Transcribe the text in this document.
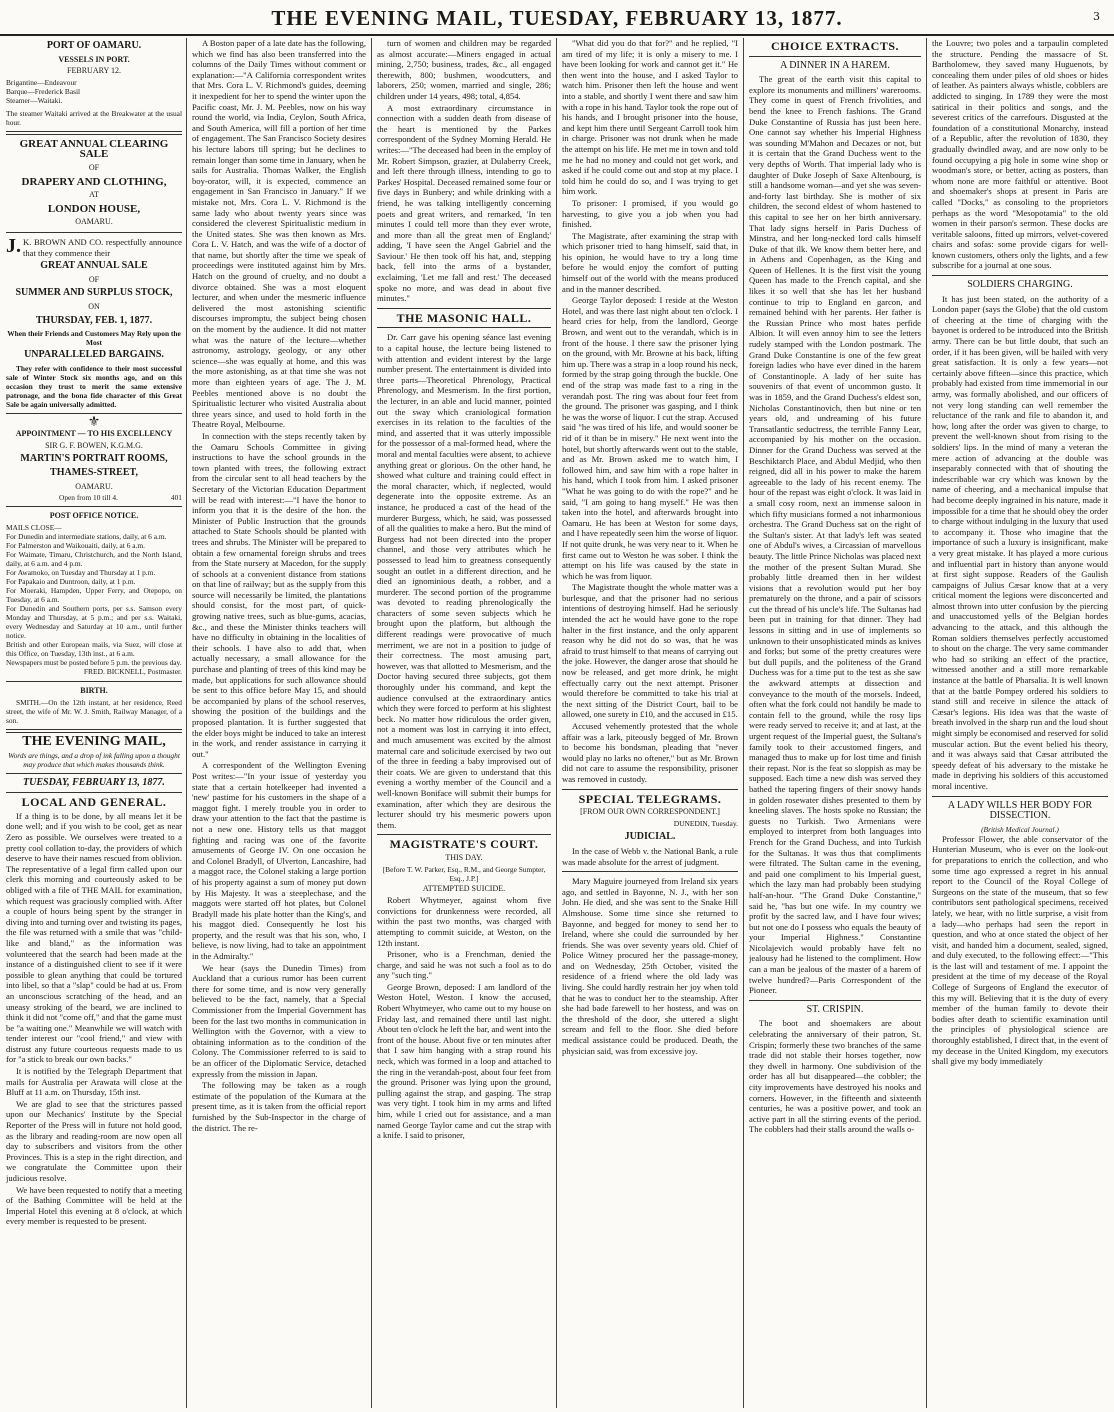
THE EVENING MAIL, TUESDAY, FEBRUARY 13, 1877.	3
PORT OF OAMARU.
VESSELS IN PORT.
FEBRUARY 12.
Brigantine—Endeavour
Barque—Frederick Basil
Steamer—Waitaki.
The steamer Waitaki arrived at the Breakwater at the usual hour.
GREAT ANNUAL CLEARING SALE
OF
DRAPERY AND CLOTHING,
AT
LONDON HOUSE,
OAMARU.

J. K. BROWN AND CO. respectfully announce that they commence their

GREAT ANNUAL SALE
OF
SUMMER AND SURPLUS STOCK,
ON
THURSDAY, FEB. 1, 1877.
When their Friends and Customers May Rely upon the Most
UNPARALLELED BARGAINS.

They refer with confidence to their most successful sale of Winter Stock six months ago, and on this occasion they trust to merit the same extensive patronage, and the bona fide character of this Great Sale be again universally admitted.

⚜
APPOINTMENT — TO HIS EXCELLENCY
SIR G. F. BOWEN, K.G.M.G.
MARTIN'S PORTRAIT ROOMS,
THAMES-STREET,
OAMARU.
Open from 10 till 4.	401
POST OFFICE NOTICE.
MAILS CLOSE—
For Dunedin and intermediate stations, daily, at 6 a.m.
For Palmerston and Waikouaiti, daily, at 6 a.m.
For Waimate, Timaru, Christchurch, and the North Island, daily, at 6 a.m. and 4 p.m.
For Awamoko, on Tuesday and Thursday at 1 p.m.
For Papakaio and Duntroon, daily, at 1 p.m.
For Moeraki, Hampden, Upper Ferry, and Otepopo, on Tuesday, at 6 a.m.
For Dunedin and Southern ports, per s.s. Samson every Monday and Thursday, at 5 p.m.; and per s.s. Waitaki, every Wednesday and Saturday at 10 a.m., until further notice.
British and other European mails, via Suez, will close at this Office, on Tuesday, 13th inst., at 6 a.m.
Newspapers must be posted before 5 p.m. the previous day.
FRED. BICKNELL, Postmaster.
BIRTH.

SMITH.—On the 12th instant, at her residence, Reed street, the wife of Mr. W. J. Smith, Railway Manager, of a son.

THE EVENING MAIL,
Words are things, and a drop of ink falling upon a thought may produce that which makes thousands think.
TUESDAY, FEBRUARY 13, 1877.
LOCAL AND GENERAL.

If a thing is to be done, by all means let it be done well; and if you wish to be cool, get as near Zero as possible. We ourselves were treated to a pretty cool collation to-day, the providers of which deserve to have their names rescued from oblivion. The representative of a legal firm called upon our clerk this morning and courteously asked to be obliged with a file of THE MAIL for examination, which request was graciously complied with. After a couple of hours being spent by the stranger in diving into and turning over and twisting its pages, the file was returned with a smile that was "child-like and bland," as the information was volunteered that the search had been made at the instance of a distinguished client to see if it were possible to glean anything that could be tortured into libel, so that a "slap" could be had at us. From an unconscious scratching of the head, and an uneasy stroking of the beard, we are inclined to think it did not "come off," and that the game must be "a waiting one." Meanwhile we will watch with tender interest our "cool friend," and view with distrust any future courteous requests made to us for "a stick to break our own backs."

It is notified by the Telegraph Department that mails for Australia per Arawata will close at the Bluff at 11 a.m. on Thursday, 15th inst.

We are glad to see that the strictures passed upon our Mechanics' Institute by the Special Reporter of the Press will in future not hold good, as the library and reading-room are now open all day to subscribers and visitors from the other Provinces. This is a step in the right direction, and we congratulate the Committee upon their judicious resolve.

We have been requested to notify that a meeting of the Bathing Committee will be held at the Imperial Hotel this evening at 8 o'clock, at which every member is requested to be present.

A Boston paper of a late date has the following, which we find has also been transferred into the columns of the Daily Times without comment or explanation:—"A California correspondent writes that Mrs. Cora L. V. Richmond's guides, deeming it inexpedient for her to spend the winter upon the Pacific coast, Mr. J. M. Peebles, now on his way round the world, via India, Ceylon, South Africa, and South America, will fill a portion of her time of engagement. The San Francisco Society desires his lecture labors till spring; but he declines to remain longer than some time in January, when he sails for Australia. Thomas Walker, the English boy-orator, will, it is expected, commence an engagement in San Francisco in January." If we mistake not, Mrs. Cora L. V. Richmond is the same lady who about twenty years since was considered the cleverest Spiritualistic medium in the United states. She was then known as Mrs. Cora L. V. Hatch, and was the wife of a doctor of that name, but shortly after the time we speak of proceedings were instituted against him by Mrs. Hatch on the ground of cruelty, and no doubt a divorce obtained. She was a most eloquent lecturer, and when under the mesmeric influence delivered the most astonishing scientific discourses impromptu, the subject being chosen on the moment by the audience. It did not matter what was the nature of the lecture—whether astronomy, astrology, geology, or any other science—she was equally at home, and this was the more astonishing, as at that time she was not more than eighteen years of age. The J. M. Peebles mentioned above is no doubt the Spiritualistic lecturer who visited Australia about three years since, and used to hold forth in the Theatre Royal, Melbourne.

In connection with the steps recently taken by the Oamaru Schools Committee in giving instructions to have the school grounds in the town planted with trees, the following extract from the circular sent to all head teachers by the Secretary of the Victorian Education Department will be read with interest:—"I have the honor to inform you that it is the desire of the hon. the Minister of Public Instruction that the grounds attached to State Schools should be planted with trees and shrubs. The Minister will be prepared to obtain a few ornamental foreign shrubs and trees from the State nursery at Macedon, for the supply of schools at a convenient distance from stations on that line of railway; but as the supply from this source will necessarily be limited, the plantations should consist, for the most part, of quick-growing native trees, such as blue-gums, acacias, &c., and these the Minister thinks teachers will have no difficulty in obtaining in the localities of their schools. I have also to add that, when actually necessary, a small allowance for the purchase and planting of trees of this kind may be made, but applications for such allowance should be sent to this office before May 15, and should be accompanied by plans of the school reserves, showing the position of the buildings and the proposed plantation. It is further suggested that the elder boys might be induced to take an interest in the work, and render assistance in carrying it out."

A correspondent of the Wellington Evening Post writes:—"In your issue of yesterday you state that a certain hotelkeeper had invented a 'new' pastime for his customers in the shape of a maggot fight. I merely trouble you in order to draw your attention to the fact that the pastime is not a new one. History tells us that maggot fighting and racing was one of the favorite amusements of George IV. On one occasion he and Colonel Bradyll, of Ulverton, Lancashire, had a maggot race, the Colonel staking a large portion of his property against a sum of money put down by His Majesty. It was a steeplechase, and the maggots were started off hot plates, but Colonel Bradyll made his plate hotter than the King's, and his maggot died. Consequently he lost his property, and the result was that his son, who, I believe, is now living, had to take an appointment in the Admiralty."

We hear (says the Dunedin Times) from Auckland that a curious rumor has been current there for some time, and is now very generally believed to be the fact, namely, that a Special Commissioner from the Imperial Government has been for the last two months in communication in Wellington with the Governor, with a view to obtaining information as to the condition of the Colony. The Commissioner referred to is said to be an officer of the Diplomatic Service, detached expressly from the mission in Japan.

The following may be taken as a rough estimate of the population of the Kumara at the present time, as it is taken from the official report furnished by the Sub-Inspector in the charge of the district. The re-

turn of women and children may be regarded as almost accurate:—Miners engaged in actual mining, 2,750; business, trades, &c., all engaged therewith, 800; bushmen, woodcutters, and laborers, 250; women, married and single, 286; children under 14 years, 498; total, 4,854.

A most extraordinary circumstance in connection with a sudden death from disease of the heart is mentioned by the Parkes correspondent of the Sydney Morning Herald. He writes:—"The deceased had been in the employ of Mr. Robert Simpson, grazier, at Dulaberry Creek, and left there through illness, intending to go to Parkes' Hospital. Deceased remained some four or five days in Bunbery; and while drinking with a friend, he was talking intelligently concerning poets and great writers, and remarked, 'In ten minutes I could tell more than they ever wrote, and more than all the great men of England;' adding, 'I have seen the Angel Gabriel and the Saviour.' He then took off his hat, and, stepping back, fell into the arms of a bystander, exclaiming, 'Let me fall and rest.' The deceased spoke no more, and was dead in about five minutes."

THE MASONIC HALL.

Dr. Carr gave his opening séance last evening to a capital house, the lecture being listened to with attention and evident interest by the large number present. The entertainment is divided into three parts—Theoretical Phrenology, Practical Phrenology, and Mesmerism. In the first portion, the lecturer, in an able and lucid manner, pointed out the sway which craniological formation exercises in its relation to the faculties of the mind, and asserted that it was utterly impossible for the possessor of a mal-formed head, where the moral and mental faculties were absent, to achieve anything great or glorious. On the other hand, he showed what culture and training could effect in the moral character, which, if neglected, would degenerate into the opposite extreme. As an instance, he produced a cast of the head of the murderer Burgess, which, he said, was possessed of all the qualities to make a hero. But the mind of Burgess had not been directed into the proper channel, and those very attributes which he possessed to lead him to greatness consequently sought an outlet in a different direction, and he died an ignominious death, a robber, and a murderer. The second portion of the programme was devoted to reading phrenologically the characters of some seven subjects which he brought upon the platform, but although the different readings were provocative of much merriment, we are not in a position to judge of their correctness. The most amusing part, however, was that allotted to Mesmerism, and the Doctor having secured three subjects, got them thoroughly under his command, and kept the audience convulsed at the extraordinary antics which they were forced to perform at his slightest beck. No matter how ridiculous the order given, not a moment was lost in carrying it into effect, and much amusement was excited by the almost maternal care and solicitude exercised by two out of the three in feeding a baby improvised out of their coats. We are given to understand that this evening a worthy member of the Council and a well-known Boniface will submit their bumps for examination, after which they are desirous the lecturer should try his mesmeric powers upon them.

MAGISTRATE'S COURT.
THIS DAY.
[Before T. W. Parker, Esq., R.M., and George Sumpter, Esq., J.P.]
ATTEMPTED SUICIDE.

Robert Whytmeyer, against whom five convictions for drunkenness were recorded, all within the past two months, was charged with attempting to commit suicide, at Weston, on the 12th instant.

Prisoner, who is a Frenchman, denied the charge, and said he was not such a fool as to do any "such ting."

George Brown, deposed: I am landlord of the Weston Hotel, Weston. I know the accused, Robert Whytmeyer, who came out to my house on Friday last, and remained there until last night. About ten o'clock he left the bar, and went into the front of the house. About five or ten minutes after that I saw him hanging with a strap round his neck, which was formed in a loop and attached to the ring in the verandah-post, about four feet from the ground. Prisoner was lying upon the ground, pulling against the strap, and gasping. The strap was very tight. I took him in my arms and lifted him, while I cried out for assistance, and a man named George Taylor came and cut the strap with a knife. I said to prisoner,

"What did you do that for?" and he replied, "I am tired of my life; it is only a misery to me. I have been looking for work and cannot get it." He then went into the house, and I asked Taylor to watch him. Prisoner then left the house and went into a stable, and shortly I went there and saw him with a rope in his hand. Taylor took the rope out of his hands, and I brought prisoner into the house, and kept him there until Sergeant Carroll took him in charge. Prisoner was not drunk when he made the attempt on his life. He met me in town and told me he had no money and could not get work, and asked if he could come out and stop at my place. I told him he could do so, and I was trying to get him work.

To prisoner: I promised, if you would go harvesting, to give you a job when you had finished.

The Magistrate, after examining the strap with which prisoner tried to hang himself, said that, in his opinion, he would have to try a long time before he would enjoy the comfort of putting himself out of the world with the means produced and in the manner described.

George Taylor deposed: I reside at the Weston Hotel, and was there last night about ten o'clock. I heard cries for help, from the landlord, George Brown, and went out to the verandah, which is in front of the house. I there saw the prisoner lying on the ground, with Mr. Browne at his back, lifting him up. There was a strap in a loop round his neck, formed by the strap going through the buckle. One end of the strap was made fast to a ring in the verandah post. The ring was about four feet from the ground. The prisoner was gasping, and I think he was the worse of liquor. I cut the strap. Accused said "he was tired of his life, and would sooner be rid of it than be in misery." He next went into the hotel, but shortly afterwards went out to the stable, and as Mr. Brown asked me to watch him, I followed him, and saw him with a rope halter in his hand, which I took from him. I asked prisoner "What he was going to do with the rope?" and he said, "I am going to hang myself." He was then taken into the hotel, and afterwards brought into Oamaru. He has been at Weston for some days, and I have repeatedly seen him the worse of liquor. If not quite drunk, he was very near to it. When he first came out to Weston he was sober. I think the attempt on his life was caused by the state in which he was from liquor.

The Magistrate thought the whole matter was a burlesque, and that the prisoner had no serious intentions of destroying himself. Had he seriously intended the act he would have gone to the rope halter in the first instance, and the only apparent reason why he did not do so was, that he was afraid to trust himself to that means of carrying out the joke. However, the danger arose that should he now be released, and get more drink, he might effectually carry out the next attempt. Prisoner would therefore be committed to take his trial at the next sitting of the District Court, bail to be allowed, one surety in £10, and the accused in £15.

Accused vehemently protested that the whole affair was a lark, piteously begged of Mr. Brown to become his bondsman, pleading that "never would play no larks no oftener," but as Mr. Brown did not care to assume the responsibility, prisoner was removed in custody.

SPECIAL TELEGRAMS.
[FROM OUR OWN CORRESPONDENT.]
DUNEDIN, Tuesday.
JUDICIAL.

In the case of Webb v. the National Bank, a rule was made absolute for the arrest of judgment.

Mary Maguire journeyed from Ireland six years ago, and settled in Bayonne, N. J., with her son John. He died, and she was sent to the Snake Hill Almshouse. Some time since she returned to Bayonne, and begged for money to send her to Ireland, where she could die surrounded by her friends. She was over seventy years old. Chief of Police Witney procured her the passage-money, and on Wednesday, 25th October, visited the residence of a friend where the old lady was living. She could hardly restrain her joy when told that he was to conduct her to the steamship. After she had bade farewell to her hostess, and was on the threshold of the door, she uttered a slight scream and fell to the floor. She died before medical assistance could be produced. Death, the physician said, was from excessive joy.

CHOICE EXTRACTS.
A DINNER IN A HAREM.

The great of the earth visit this capital to explore its monuments and milliners' warerooms. They come in quest of French frivolities, and bend the knee to French fashions. The Grand Duke Constantine of Russia has just been here. One cannot say whether his Imperial Highness was sounding M'Mahon and Decazes or not, but it is certain that the Grand Duchess went to the very depths of Worth. That imperial lady who is daughter of Duke Joseph of Saxe Altenbourg, is still a handsome woman—and yet she was seven-and-forty last birthday. She is mother of six children, the second eldest of whom hastened to this capital to see her on her birth anniversary. That lady signs herself in Paris Duchess of Minstra, and her long-necked lord calls himself Duke of that ilk. We know them better here, and in Athens and Copenhagen, as the King and Queen of Hellenes. It is the first visit the young Queen has made to the French capital, and she likes it so well that she has let her husband continue to trip to England en garcon, and remained behind with her parents. Her father is the Russian Prince who most hates perfide Albion. It will even annoy him to see the letters rudely stamped with the London postmark. The Grand Duke Constantine is one of the few great foreign ladies who have ever dined in the harem of Constantinople. A lady of her suite has souvenirs of that event of uncommon gusto. It was in 1859, and the Grand Duchess's eldest son, Nicholas Constantinovich, then but nine or ten years old, and undreaming of his future Transatlantic seductress, the terrible Fanny Lear, accompanied by his mother on the occasion. Dinner for the Grand Duchess was served at the Beschiktarch Place, and Abdul Medjid, who then reigned, did all in his power to make the harem agreeable to the lady of his recent enemy. The hour of the repast was eight o'clock. It was laid in a small cosy room, next an immense saloon in which fifty musicians formed a not inharmonious orchestra. The Grand Duchess sat on the right of the Sultan's sister. At that lady's left was seated one of Abdul's wives, a Circassian of marvellous beauty. The little Prince Nicholas was placed next the mother of the present Sultan Murad. She probably little dreamed then in her wildest visions that a revolution would put her boy prematurely on the throne, and a pair of scissors cut the thread of his uncle's life. The Sultanas had been put in training for that dinner. They had lessons in sitting and in use of implements so unknown to their unsophisticated minds as knives and forks; but some of the pretty creatures were but dull pupils, and the politeness of the Grand Duchess was for a time put to the test as she saw the awkward attempts at dissection and conveyance to the mouth of the morsels. Indeed, often what the fork could not handily be made to contain fell to the ground, while the rosy lips were ready served to receive it; and at last, at the urgent request of the Imperial guest, the Sultana's family took to their accustomed fingers, and managed thus to make up for lost time and finish their repast. Nor is the feat so sloppish as may be supposed. Each time a new dish was served they bathed the tapering fingers of their snowy hands in golden rosewater dishes presented to them by kneeling slaves. The hosts spoke no Russian; the guests no Turkish. Two Armenians were employed to interpret from both languages into French for the Grand Duchess, and into Turkish for the Sultanas. It was thus that compliments were filtrated. The Sultan came in the evening, and paid one compliment to his Imperial guest, which the lazy man had probably been studying half-an-hour. "The Grand Duke Constantine," said he, "has but one wife. In my country we profit by the sacred law, and I have four wives; but not one do I possess who equals the beauty of your Imperial Highness." Constantine Nicolajevich would probably have felt no jealousy had he listened to the compliment. How can a man be jealous of the master of a harem of twelve hundred?—Paris Correspondent of the Pioneer.

ST. CRISPIN.

The boot and shoemakers are about celebrating the anniversary of their patron, St. Crispin; formerly these two branches of the same trade did not stable their horses together, now they dwell in harmony. One subdivision of the order has all but disappeared—the cobbler; the city improvements have destroyed his nooks and corners. However, in the fifteenth and sixteenth centuries, he was a positive power, and took an active part in all the stirring events of the period. The cobblers had their stalls around the walls o-

the Louvre; two poles and a tarpaulin completed the structure. Pending the massacre of St. Bartholomew, they saved many Huguenots, by concealing them under piles of old shoes or hides of leather. As painters always whistle, cobblers are addicted to singing. In 1789 they were the most satirical in their politics and songs, and the severest critics of the carrefours. Disgusted at the foundation of a constitutional Monarchy, instead of a Republic, after the revolution of 1830, they gradually dwindled away, and are now only to be found occupying a pig hole in some wine shop or woodman's store, or better, acting as posters, than whom none are more faithful or attentive. Boot and shoemaker's shops at present in Paris are called "Docks," as consoling to the proprietors perhaps as the word "Mesopotamia" to the old women in their parson's sermon. These docks are veritable saloons, fitted up mirrors, velvet-covered chairs and sofas: some provide cigars for well-known customers, others only the lights, and a few subscribe for a journal at one sous.

SOLDIERS CHARGING.

It has just been stated, on the authority of a London paper (says the Globe) that the old custom of cheering at the time of charging with the bayonet is ordered to be introduced into the British army. There can be but little doubt, that such an order, if it has been given, will be hailed with very great satisfaction. It is only a few years—not certainly above fifteen—since this practice, which probably had existed from time immemorial in our army, was formally abolished, and our officers of not very long standing can well remember the reluctance of the rank and file to abandon it, and how, long after the order was given to charge, to prevent the well-known shout from rising to the soldiers' lips. In the mind of many a veteran the mere action of advancing at the double was inseparably connected with that of shouting the indescribable war cry which was known by the name of cheering, and a mechanical impulse that had become deeply ingrained in his nature, made it impossible for a time that he should obey the order to charge without indulging in the luxury that used to accompany it. Those who imagine that the importance of such a luxury is insignificant, make a very great mistake. It has played a more curious and influential part in history than anyone would at first sight suppose. Readers of the Gaulish campaigns of Julius Cæsar know that at a very critical moment the legions were disconcerted and almost thrown into utter confusion by the piercing and unaccustomed yells of the Belgian hordes advancing to the attack, and this although the Roman soldiers themselves perfectly accustomed to shout on the charge. The very same commander who had so striking an effect of the practice, witnessed another and a still more remarkable instance at the battle of Pharsalia. It is well known that at the battle Pompey ordered his soldiers to stand still and receive in silence the attack of Cæsar's legions. His idea was that the waste of breath involved in the sharp run and the loud shout might simply be economised and reserved for solid muscular action. But the event belied his theory, and it was always said that Cæsar attributed the speedy defeat of his adversary to the mistake he made in depriving his soldiers of this accustomed moral incentive.

A LADY WILLS HER BODY FOR DISSECTION.
(British Medical Journal.)

Professor Flower, the able conservator of the Hunterian Museum, who is ever on the look-out for preparations to enrich the collection, and who some time ago expressed a regret in his annual report to the Council of the Royal College of Surgeons on the state of the museum, that so few contributors sent pathological specimens, received lately, we hear, with no little surprise, a visit from a lady—who perhaps had seen the report in question, and who at once stated the object of her visit, and handed him a document, sealed, signed, and duly executed, to the following effect:—"This is the last will and testament of me. I appoint the president at the time of my decease of the Royal College of Surgeons of England the executor of this my will. Believing that it is the duty of every member of the human family to devote their bodies after death to scientific examination until the principles of physiological science are thoroughly established, I direct that, in the event of my decease in the United Kingdom, my executors shall give my body immediately
